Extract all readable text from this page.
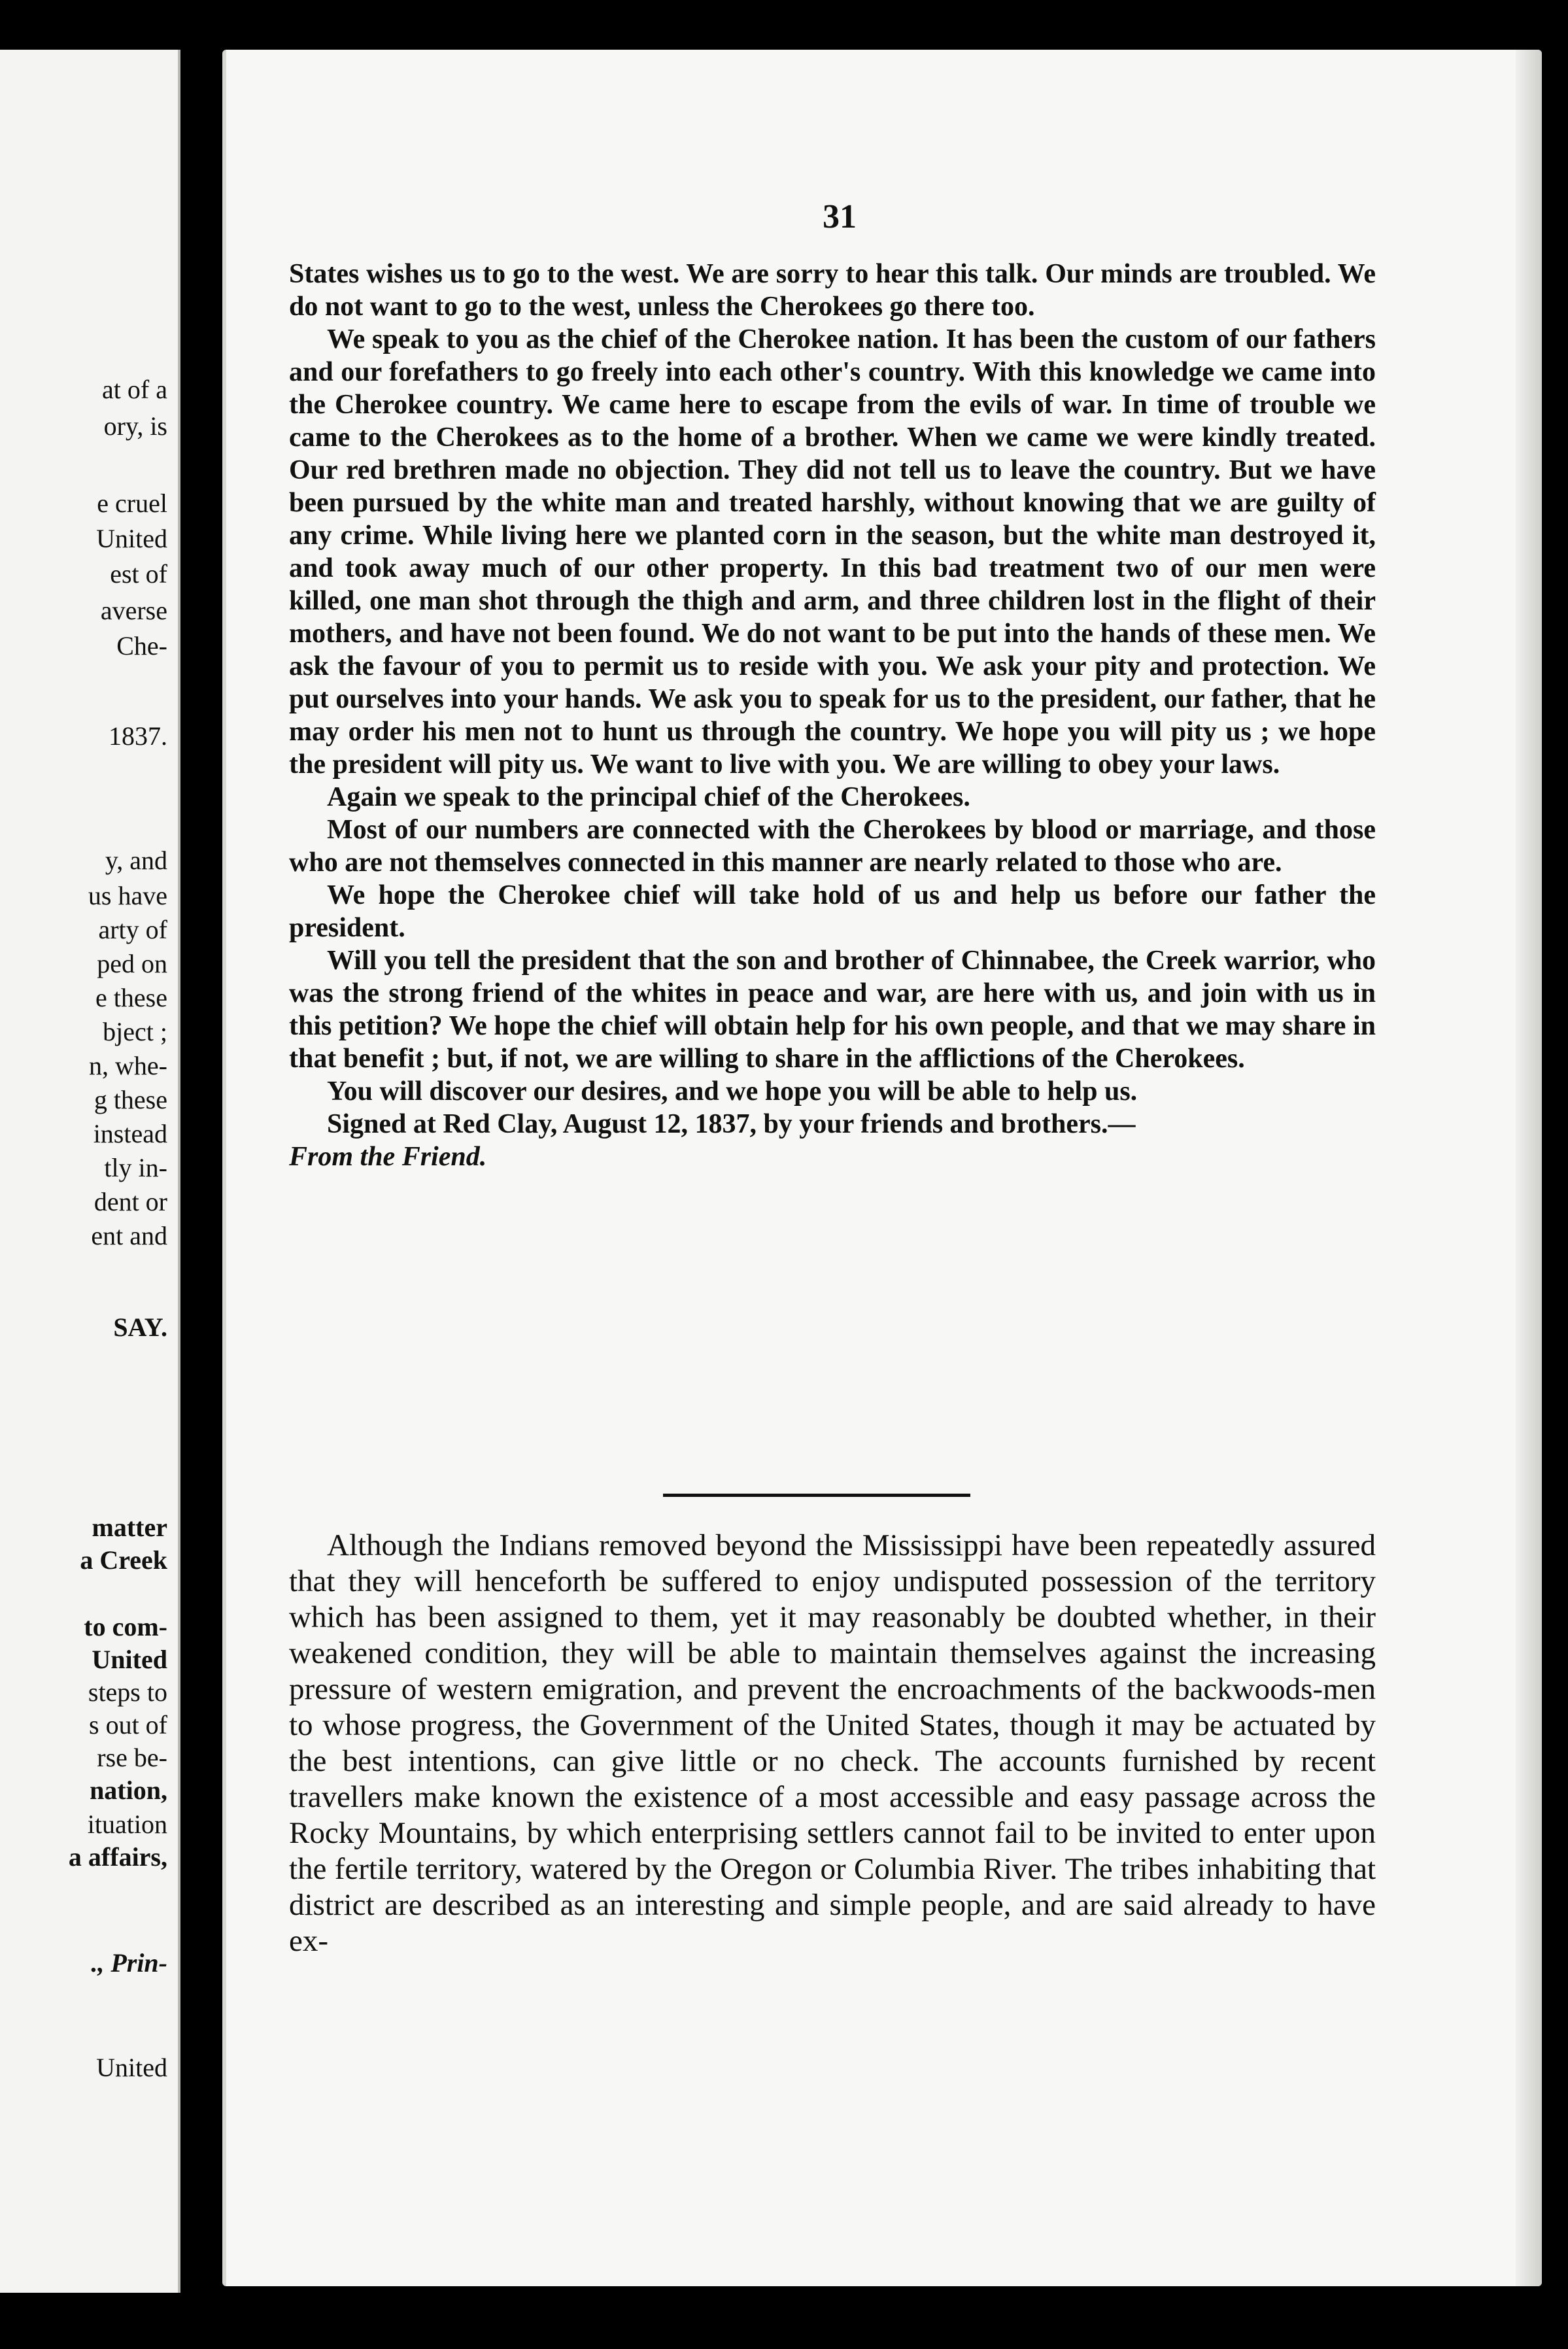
at of a
ory, is
e cruel
United
est of
averse
Che-
1837.
y, and
us have
arty of
ped on
e these
bject ;
n, whe-
g these
instead
tly in-
dent or
ent and
SAY.
matter
a Creek
to com-
United
steps to
s out of
rse be-
nation,
ituation
a affairs,
., Prin-
United
31

States wishes us to go to the west. We are sorry to hear this talk. Our minds are troubled. We do not want to go to the west, unless the Cherokees go there too.

We speak to you as the chief of the Cherokee nation. It has been the custom of our fathers and our forefathers to go freely into each other's country. With this knowledge we came into the Cherokee country. We came here to escape from the evils of war. In time of trouble we came to the Cherokees as to the home of a brother. When we came we were kindly treated. Our red brethren made no objection. They did not tell us to leave the country. But we have been pursued by the white man and treated harshly, without knowing that we are guilty of any crime. While living here we planted corn in the season, but the white man destroyed it, and took away much of our other property. In this bad treatment two of our men were killed, one man shot through the thigh and arm, and three children lost in the flight of their mothers, and have not been found. We do not want to be put into the hands of these men. We ask the favour of you to permit us to reside with you. We ask your pity and protection. We put ourselves into your hands. We ask you to speak for us to the president, our father, that he may order his men not to hunt us through the country. We hope you will pity us ; we hope the president will pity us. We want to live with you. We are willing to obey your laws.

Again we speak to the principal chief of the Cherokees.

Most of our numbers are connected with the Cherokees by blood or marriage, and those who are not themselves connected in this manner are nearly related to those who are.

We hope the Cherokee chief will take hold of us and help us before our father the president.

Will you tell the president that the son and brother of Chinnabee, the Creek warrior, who was the strong friend of the whites in peace and war, are here with us, and join with us in this petition? We hope the chief will obtain help for his own people, and that we may share in that benefit ; but, if not, we are willing to share in the afflictions of the Cherokees.

You will discover our desires, and we hope you will be able to help us.

Signed at Red Clay, August 12, 1837, by your friends and brothers.—

From the Friend.

Although the Indians removed beyond the Mississippi have been repeatedly assured that they will henceforth be suffered to enjoy undisputed possession of the territory which has been assigned to them, yet it may reasonably be doubted whether, in their weakened condition, they will be able to maintain themselves against the increasing pressure of western emigration, and prevent the encroachments of the backwoods-men to whose progress, the Government of the United States, though it may be actuated by the best intentions, can give little or no check. The accounts furnished by recent travellers make known the existence of a most accessible and easy passage across the Rocky Mountains, by which enterprising settlers cannot fail to be invited to enter upon the fertile territory, watered by the Oregon or Columbia River. The tribes inhabiting that district are described as an interesting and simple people, and are said already to have ex-
